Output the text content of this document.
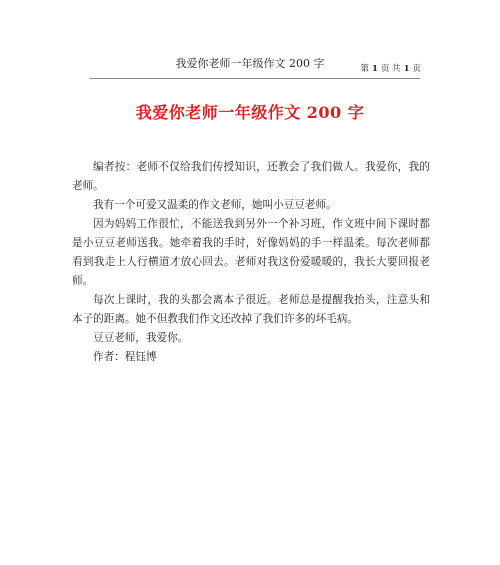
我爱你老师一年级作文 200 字	第 1 页 共 1 页
我爱你老师一年级作文 200 字

编者按：老师不仅给我们传授知识，还教会了我们做人。我爱你，我的老师。

我有一个可爱又温柔的作文老师，她叫小豆豆老师。

因为妈妈工作很忙，不能送我到另外一个补习班，作文班中间下课时都是小豆豆老师送我。她牵着我的手时，好像妈妈的手一样温柔。每次老师都看到我走上人行横道才放心回去。老师对我这份爱暖暖的，我长大要回报老师。

每次上课时，我的头都会离本子很近。老师总是提醒我抬头，注意头和本子的距离。她不但教我们作文还改掉了我们许多的坏毛病。

豆豆老师，我爱你。

作者：程钰博
